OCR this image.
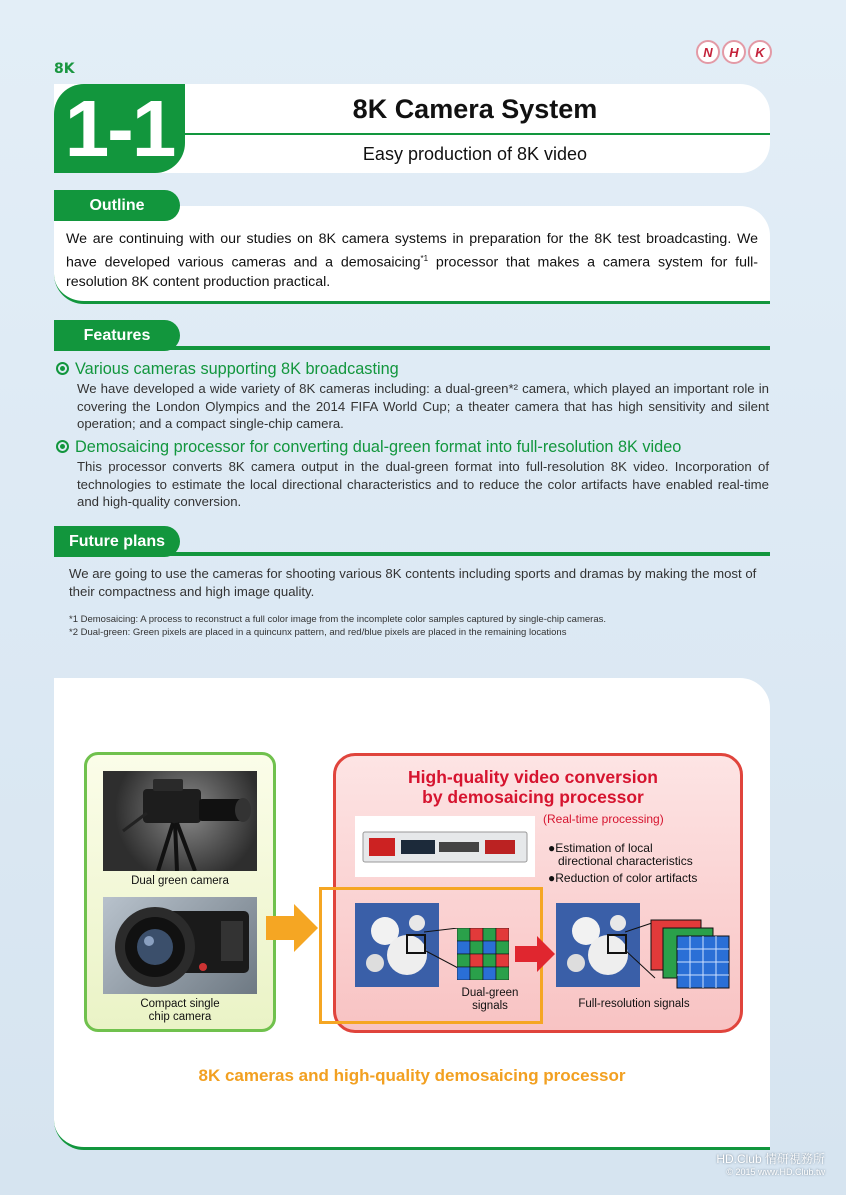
8K
N	H	K
1-1	8K Camera System
Easy production of 8K video
Outline
We are continuing with our studies on 8K camera systems in preparation for the 8K test broadcasting. We have developed various cameras and a demosaicing$^{*1}$ processor that makes a camera system for full-resolution 8K content production practical.
Features
Various cameras supporting 8K broadcasting
We have developed a wide variety of 8K cameras including: a dual-green*² camera, which played an important role in covering the London Olympics and the 2014 FIFA World Cup; a theater camera that has high sensitivity and silent operation; and a compact single-chip camera.
Demosaicing processor for converting dual-green format into full-resolution 8K video
This processor converts 8K camera output in the dual-green format into full-resolution 8K video. Incorporation of technologies to estimate the local directional characteristics and to reduce the color artifacts have enabled real-time and high-quality conversion.
Future plans
We are going to use the cameras for shooting various 8K contents including sports and dramas by making the most of their compactness and high image quality.
*1 Demosaicing: A process to reconstruct a full color image from the incomplete color samples captured by single-chip cameras.
*2 Dual-green: Green pixels are placed in a quincunx pattern, and red/blue pixels are placed in the remaining locations
Dual green camera
Compact single
chip camera
High-quality video conversion
by demosaicing processor
(Real-time processing)
●Estimation of local
directional characteristics
●Reduction of color artifacts
Dual-green
signals	Full-resolution signals
8K cameras and high-quality demosaicing processor
HD.Club 情研視務所
© 2015 www.HD.Club.tw
